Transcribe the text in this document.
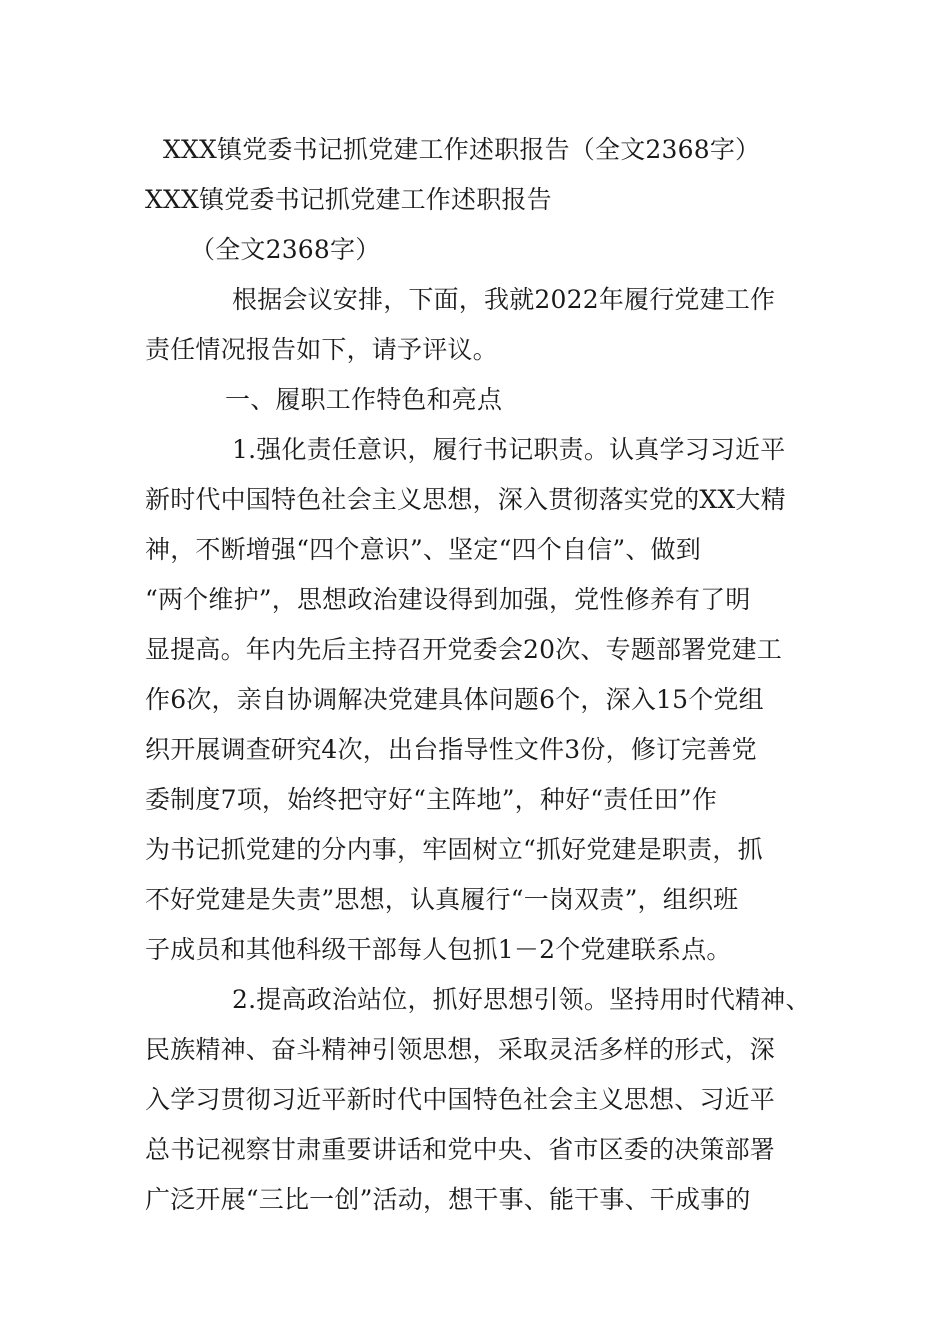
XXX镇党委书记抓党建工作述职报告（全文2368字）
XXX镇党委书记抓党建工作述职报告
（全文2368字）
根据会议安排，下面，我就2022年履行党建工作
责任情况报告如下，请予评议。
一、履职工作特色和亮点
1.强化责任意识，履行书记职责。认真学习习近平
新时代中国特色社会主义思想，深入贯彻落实党的XX大精
神，不断增强“四个意识”、坚定“四个自信”、做到
“两个维护”，思想政治建设得到加强，党性修养有了明
显提高。年内先后主持召开党委会20次、专题部署党建工
作6次，亲自协调解决党建具体问题6个，深入15个党组
织开展调查研究4次，出台指导性文件3份，修订完善党
委制度7项，始终把守好“主阵地”，种好“责任田”作
为书记抓党建的分内事，牢固树立“抓好党建是职责，抓
不好党建是失责”思想，认真履行“一岗双责”，组织班
子成员和其他科级干部每人包抓1－2个党建联系点。
2.提高政治站位，抓好思想引领。坚持用时代精神、
民族精神、奋斗精神引领思想，采取灵活多样的形式，深
入学习贯彻习近平新时代中国特色社会主义思想、习近平
总书记视察甘肃重要讲话和党中央、省市区委的决策部署
广泛开展“三比一创”活动，想干事、能干事、干成事的
